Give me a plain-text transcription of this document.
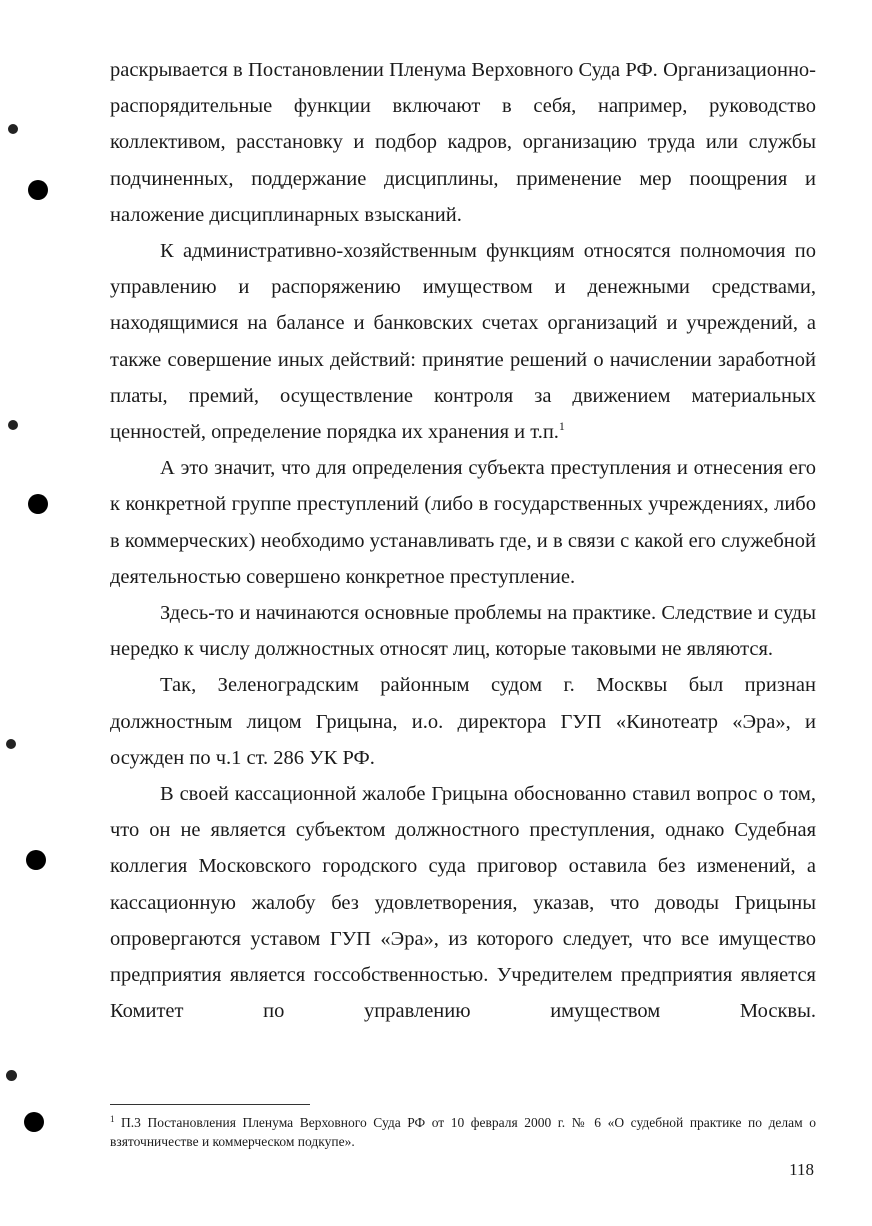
раскрывается в Постановлении Пленума Верховного Суда РФ. Организационно-распорядительные функции включают в себя, например, руководство коллективом, расстановку и подбор кадров, организацию труда или службы подчиненных, поддержание дисциплины, применение мер поощрения и наложение дисциплинарных взысканий.

К административно-хозяйственным функциям относятся полномочия по управлению и распоряжению имуществом и денежными средствами, находящимися на балансе и банковских счетах организаций и учреждений, а также совершение иных действий: принятие решений о начислении заработной платы, премий, осуществление контроля за движением материальных ценностей, определение порядка их хранения и т.п.$^1$

А это значит, что для определения субъекта преступления и отнесения его к конкретной группе преступлений (либо в государственных учреждениях, либо в коммерческих) необходимо устанавливать где, и в связи с какой его служебной деятельностью совершено конкретное преступление.

Здесь-то и начинаются основные проблемы на практике. Следствие и суды нередко к числу должностных относят лиц, которые таковыми не являются.

Так, Зеленоградским районным судом г. Москвы был признан должностным лицом Грицына, и.о. директора ГУП «Кинотеатр «Эра», и осужден по ч.1 ст. 286 УК РФ.

В своей кассационной жалобе Грицына обоснованно ставил вопрос о том, что он не является субъектом должностного преступления, однако Судебная коллегия Московского городского суда приговор оставила без изменений, а кассационную жалобу без удовлетворения, указав, что доводы Грицыны опровергаются уставом ГУП «Эра», из которого следует, что все имущество предприятия является госсобственностью. Учредителем предприятия является Комитет по управлению имуществом Москвы.

$^1$ П.3 Постановления Пленума Верховного Суда РФ от 10 февраля 2000 г. № 6 «О судебной практике по делам о взяточничестве и коммерческом подкупе».
118
